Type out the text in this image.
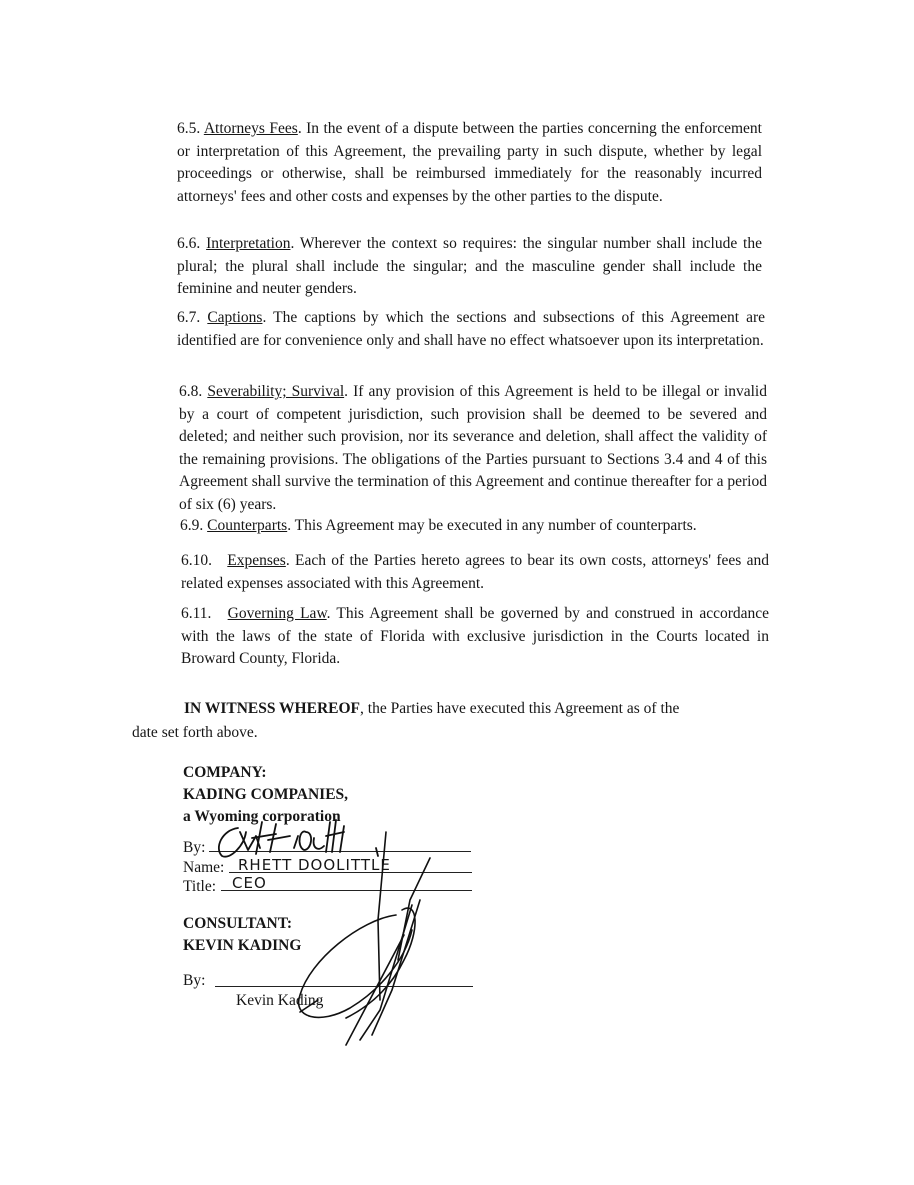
6.5. Attorneys Fees. In the event of a dispute between the parties concerning the enforcement or interpretation of this Agreement, the prevailing party in such dispute, whether by legal proceedings or otherwise, shall be reimbursed immediately for the reasonably incurred attorneys' fees and other costs and expenses by the other parties to the dispute.
6.6. Interpretation. Wherever the context so requires: the singular number shall include the plural; the plural shall include the singular; and the masculine gender shall include the feminine and neuter genders.
6.7. Captions. The captions by which the sections and subsections of this Agreement are identified are for convenience only and shall have no effect whatsoever upon its interpretation.
6.8. Severability; Survival. If any provision of this Agreement is held to be illegal or invalid by a court of competent jurisdiction, such provision shall be deemed to be severed and deleted; and neither such provision, nor its severance and deletion, shall affect the validity of the remaining provisions. The obligations of the Parties pursuant to Sections 3.4 and 4 of this Agreement shall survive the termination of this Agreement and continue thereafter for a period of six (6) years.
6.9. Counterparts. This Agreement may be executed in any number of counterparts.
6.10. Expenses. Each of the Parties hereto agrees to bear its own costs, attorneys' fees and related expenses associated with this Agreement.
6.11. Governing Law. This Agreement shall be governed by and construed in accordance with the laws of the state of Florida with exclusive jurisdiction in the Courts located in Broward County, Florida.
IN WITNESS WHEREOF, the Parties have executed this Agreement as of the
date set forth above.
COMPANY:
KADING COMPANIES,
a Wyoming corporation
By:
Name: RHETT DOOLITTLE
Title: CEO
CONSULTANT:
KEVIN KADING
By:
Kevin Kading
